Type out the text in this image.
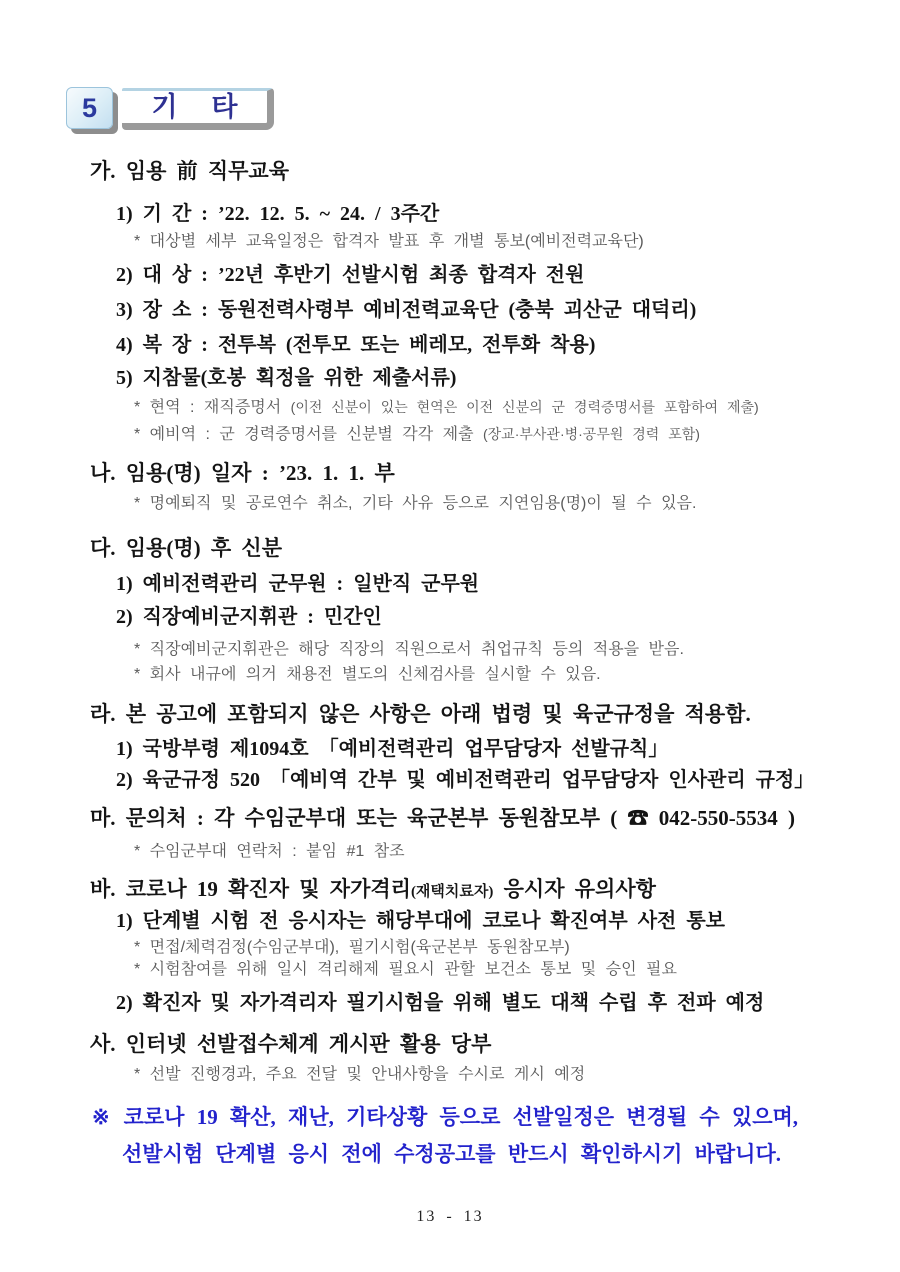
5	기     타
가. 임용 前 직무교육
1) 기 간 : ’22. 12. 5. ~ 24. / 3주간
* 대상별 세부 교육일정은 합격자 발표 후 개별 통보(예비전력교육단)
2) 대 상 : ’22년 후반기 선발시험 최종 합격자 전원
3) 장 소 : 동원전력사령부 예비전력교육단 (충북 괴산군 대덕리)
4) 복 장 : 전투복 (전투모 또는 베레모, 전투화 착용)
5) 지참물(호봉 획정을 위한 제출서류)
* 현역 : 재직증명서 (이전 신분이 있는 현역은 이전 신분의 군 경력증명서를 포함하여 제출)
* 예비역 : 군 경력증명서를 신분별 각각 제출 (장교·부사관·병·공무원 경력 포함)
나. 임용(명) 일자 : ’23. 1. 1. 부
* 명예퇴직 및 공로연수 취소, 기타 사유 등으로 지연임용(명)이 될 수 있음.
다. 임용(명) 후 신분
1) 예비전력관리 군무원 : 일반직 군무원
2) 직장예비군지휘관 : 민간인
* 직장예비군지휘관은 해당 직장의 직원으로서 취업규칙 등의 적용을 받음.
* 회사 내규에 의거 채용전 별도의 신체검사를 실시할 수 있음.
라. 본 공고에 포함되지 않은 사항은 아래 법령 및 육군규정을 적용함.
1) 국방부령 제1094호 「예비전력관리 업무담당자 선발규칙」
2) 육군규정 520 「예비역 간부 및 예비전력관리 업무담당자 인사관리 규정」
마. 문의처 : 각 수임군부대 또는 육군본부 동원참모부 ( ☎ 042-550-5534 )
* 수임군부대 연락처 : 붙임 #1 참조
바. 코로나 19 확진자 및 자가격리(재택치료자) 응시자 유의사항
1) 단계별 시험 전 응시자는 해당부대에 코로나 확진여부 사전 통보
* 면접/체력검정(수임군부대), 필기시험(육군본부 동원참모부)
* 시험참여를 위해 일시 격리해제 필요시 관할 보건소 통보 및 승인 필요
2) 확진자 및 자가격리자 필기시험을 위해 별도 대책 수립 후 전파 예정
사. 인터넷 선발접수체계 게시판 활용 당부
* 선발 진행경과, 주요 전달 및 안내사항을 수시로 게시 예정
※ 코로나 19 확산, 재난, 기타상황 등으로 선발일정은 변경될 수 있으며,
선발시험 단계별 응시 전에 수정공고를 반드시 확인하시기 바랍니다.
13 - 13
